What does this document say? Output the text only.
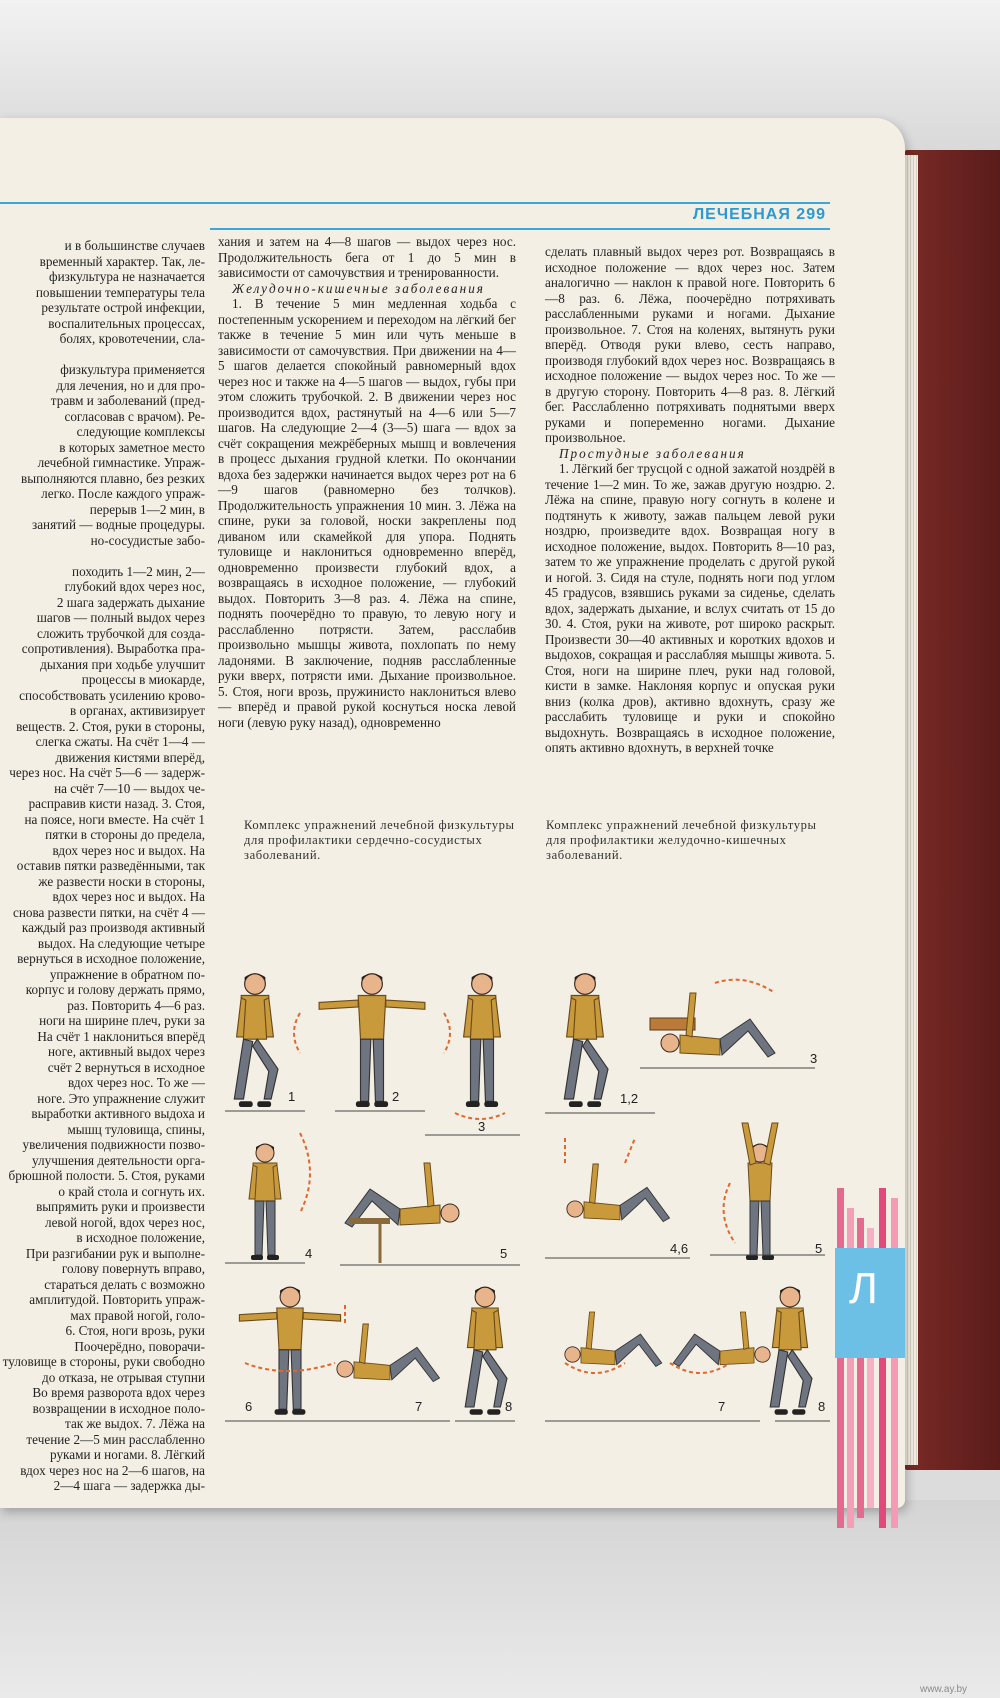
ЛЕЧЕБНАЯ 299

и в большинстве случаев

временный характер. Так, ле-

физкультура не назначается

повышении температуры тела

результате острой инфекции,

воспалительных процессах,

болях, кровотечении, сла-

физкультура применяется

для лечения, но и для про-

травм и заболеваний (пред-

согласовав с врачом). Ре-

следующие комплексы

в которых заметное место

лечебной гимнастике. Упраж-

выполняются плавно, без резких

легко. После каждого упраж-

перерыв 1—2 мин, в

занятий — водные процедуры.

но-сосудистые забо-

походить 1—2 мин, 2—

глубокий вдох через нос,

2 шага задержать дыхание

шагов — полный выдох через

сложить трубочкой для созда-

сопротивления). Выработка пра-

дыхания при ходьбе улучшит

процессы в миокарде,

способствовать усилению крово-

в органах, активизирует

веществ. 2. Стоя, руки в стороны,

слегка сжаты. На счёт 1—4 —

движения кистями вперёд,

через нос. На счёт 5—6 — задерж-

на счёт 7—10 — выдох че-

расправив кисти назад. 3. Стоя,

на поясе, ноги вместе. На счёт 1

пятки в стороны до предела,

вдох через нос и выдох. На

оставив пятки разведёнными, так

же развести носки в стороны,

вдох через нос и выдох. На

снова развести пятки, на счёт 4 —

каждый раз производя активный

выдох. На следующие четыре

вернуться в исходное положение,

упражнение в обратном по-

корпус и голову держать прямо,

раз. Повторить 4—6 раз.

ноги на ширине плеч, руки за

На счёт 1 наклониться вперёд

ноге, активный выдох через

счёт 2 вернуться в исходное

вдох через нос. То же —

ноге. Это упражнение служит

выработки активного выдоха и

мышц туловища, спины,

увеличения подвижности позво-

улучшения деятельности орга-

брюшной полости. 5. Стоя, руками

о край стола и согнуть их.

выпрямить руки и произвести

левой ногой, вдох через нос,

в исходное положение,

При разгибании рук и выполне-

голову повернуть вправо,

стараться делать с возможно

амплитудой. Повторить упраж-

мах правой ногой, голо-

6. Стоя, ноги врозь, руки

Поочерёдно, поворачи-

туловище в стороны, руки свободно

до отказа, не отрывая ступни

Во время разворота вдох через

возвращении в исходное поло-

так же выдох. 7. Лёжа на

течение 2—5 мин расслабленно

руками и ногами. 8. Лёгкий

вдох через нос на 2—6 шагов, на

2—4 шага — задержка ды-

хания и затем на 4—8 шагов — выдох через нос. Продолжительность бега от 1 до 5 мин в зависимости от самочувствия и тренированности.

Желудочно-кишечные заболевания

1. В течение 5 мин медленная ходьба с постепенным ускорением и переходом на лёгкий бег также в течение 5 мин или чуть меньше в зависимости от самочувствия. При движении на 4—5 шагов делается спокойный равномерный вдох через нос и также на 4—5 шагов — выдох, губы при этом сложить трубочкой. 2. В движении через нос производится вдох, растянутый на 4—6 или 5—7 шагов. На следующие 2—4 (3—5) шага — вдох за счёт сокращения межрёберных мышц и вовлечения в процесс дыхания грудной клетки. По окончании вдоха без задержки начинается выдох через рот на 6—9 шагов (равномерно без толчков). Продолжительность упражнения 10 мин. 3. Лёжа на спине, руки за головой, носки закреплены под диваном или скамейкой для упора. Поднять туловище и наклониться одновременно вперёд, одновременно произвести глубокий вдох, а возвращаясь в исходное положение, — глубокий выдох. Повторить 3—8 раз. 4. Лёжа на спине, поднять поочерёдно то правую, то левую ногу и расслабленно потрясти. Затем, расслабив произвольно мышцы живота, похлопать по нему ладонями. В заключение, подняв расслабленные руки вверх, потрясти ими. Дыхание произвольное. 5. Стоя, ноги врозь, пружинисто наклониться влево — вперёд и правой рукой коснуться носка левой ноги (левую руку назад), одновременно

сделать плавный выдох через рот. Возвращаясь в исходное положение — вдох через нос. Затем аналогично — наклон к правой ноге. Повторить 6—8 раз. 6. Лёжа, поочерёдно потряхивать расслабленными руками и ногами. Дыхание произвольное. 7. Стоя на коленях, вытянуть руки вперёд. Отводя руки влево, сесть направо, производя глубокий вдох через нос. Возвращаясь в исходное положение — выдох через нос. То же — в другую сторону. Повторить 4—8 раз. 8. Лёгкий бег. Расслабленно потряхивать поднятыми вверх руками и попеременно ногами. Дыхание произвольное.

Простудные заболевания

1. Лёгкий бег трусцой с одной зажатой ноздрёй в течение 1—2 мин. То же, зажав другую ноздрю. 2. Лёжа на спине, правую ногу согнуть в колене и подтянуть к животу, зажав пальцем левой руки ноздрю, произведите вдох. Возвращая ногу в исходное положение, выдох. Повторить 8—10 раз, затем то же упражнение проделать с другой рукой и ногой. 3. Сидя на стуле, поднять ноги под углом 45 градусов, взявшись руками за сиденье, сделать вдох, задержать дыхание, и вслух считать от 15 до 30. 4. Стоя, руки на животе, рот широко раскрыт. Произвести 30—40 активных и коротких вдохов и выдохов, сокращая и расслабляя мышцы живота. 5. Стоя, ноги на ширине плеч, руки над головой, кисти в замке. Наклоняя корпус и опуская руки вниз (колка дров), активно вдохнуть, сразу же расслабить туловище и руки и спокойно выдохнуть. Возвращаясь в исходное положение, опять активно вдохнуть, в верхней точке

Комплекс упражнений лечебной физкультуры для профилактики сердечно-сосудистых заболеваний.
Комплекс упражнений лечебной физкультуры для профилактики желудочно-кишечных заболеваний.
1	2
3
4	5
6	7	8
1,2
3
4,6	5
7	8
Л
www.ay.by
